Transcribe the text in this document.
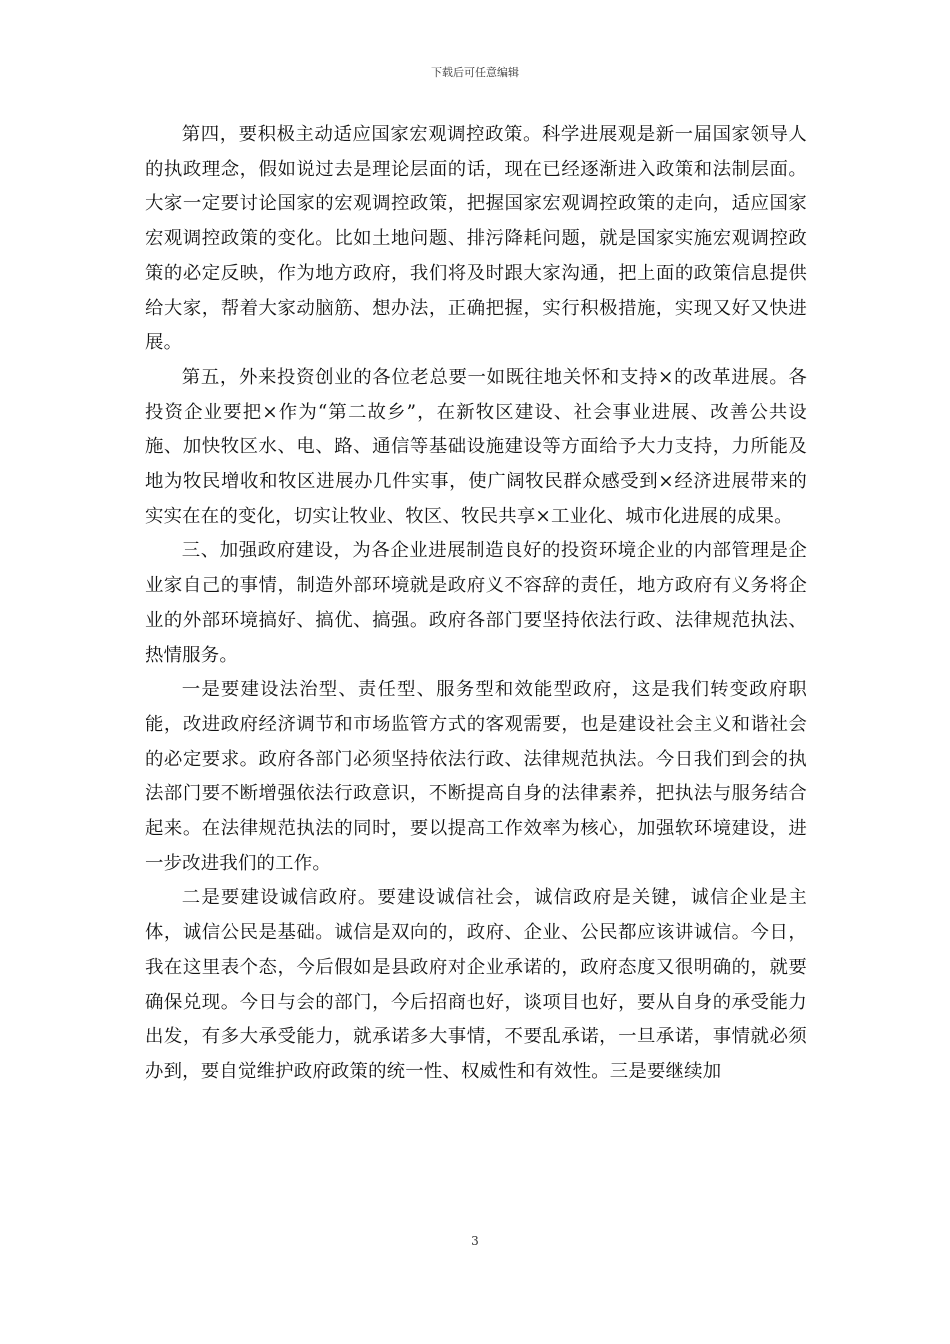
下载后可任意编辑

第四，要积极主动适应国家宏观调控政策。科学进展观是新一届国家领导人的执政理念，假如说过去是理论层面的话，现在已经逐渐进入政策和法制层面。大家一定要讨论国家的宏观调控政策，把握国家宏观调控政策的走向，适应国家宏观调控政策的变化。比如土地问题、排污降耗问题，就是国家实施宏观调控政策的必定反映，作为地方政府，我们将及时跟大家沟通，把上面的政策信息提供给大家，帮着大家动脑筋、想办法，正确把握，实行积极措施，实现又好又快进展。

第五，外来投资创业的各位老总要一如既往地关怀和支持×的改革进展。各投资企业要把×作为“第二故乡”，在新牧区建设、社会事业进展、改善公共设施、加快牧区水、电、路、通信等基础设施建设等方面给予大力支持，力所能及地为牧民增收和牧区进展办几件实事，使广阔牧民群众感受到×经济进展带来的实实在在的变化，切实让牧业、牧区、牧民共享×工业化、城市化进展的成果。

三、加强政府建设，为各企业进展制造良好的投资环境企业的内部管理是企业家自己的事情，制造外部环境就是政府义不容辞的责任，地方政府有义务将企业的外部环境搞好、搞优、搞强。政府各部门要坚持依法行政、法律规范执法、热情服务。

一是要建设法治型、责任型、服务型和效能型政府，这是我们转变政府职能，改进政府经济调节和市场监管方式的客观需要，也是建设社会主义和谐社会的必定要求。政府各部门必须坚持依法行政、法律规范执法。今日我们到会的执法部门要不断增强依法行政意识，不断提高自身的法律素养，把执法与服务结合起来。在法律规范执法的同时，要以提高工作效率为核心，加强软环境建设，进一步改进我们的工作。

二是要建设诚信政府。要建设诚信社会，诚信政府是关键，诚信企业是主体，诚信公民是基础。诚信是双向的，政府、企业、公民都应该讲诚信。今日，我在这里表个态，今后假如是县政府对企业承诺的，政府态度又很明确的，就要确保兑现。今日与会的部门，今后招商也好，谈项目也好，要从自身的承受能力出发，有多大承受能力，就承诺多大事情，不要乱承诺，一旦承诺，事情就必须办到，要自觉维护政府政策的统一性、权威性和有效性。三是要继续加

3
